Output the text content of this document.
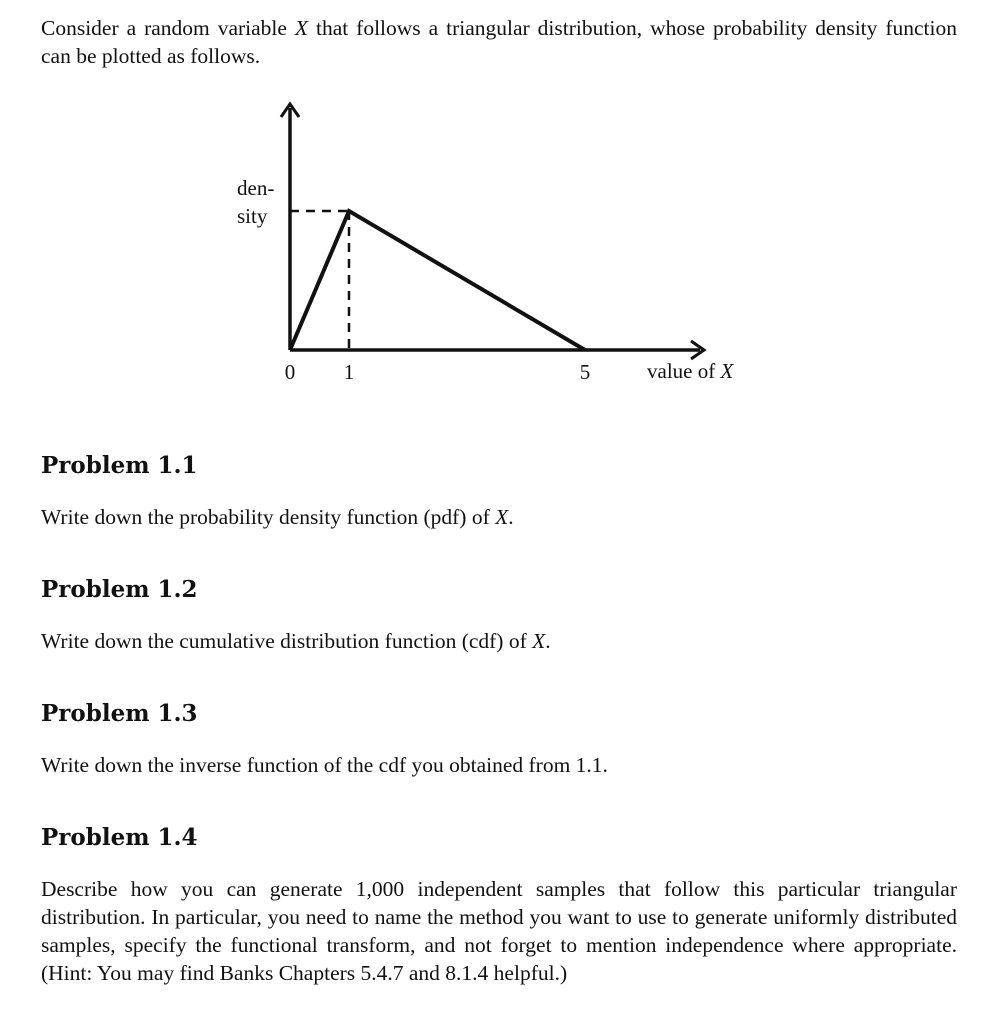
Consider a random variable X that follows a triangular distribution, whose probability density function can be plotted as follows.

den-
sity
0 1	5	value of X
Problem 1.1

Write down the probability density function (pdf) of X.

Problem 1.2

Write down the cumulative distribution function (cdf) of X.

Problem 1.3

Write down the inverse function of the cdf you obtained from 1.1.

Problem 1.4

Describe how you can generate 1,000 independent samples that follow this particular triangular distribution. In particular, you need to name the method you want to use to generate uniformly distributed samples, specify the functional transform, and not forget to mention independence where appropriate. (Hint: You may find Banks Chapters 5.4.7 and 8.1.4 helpful.)
